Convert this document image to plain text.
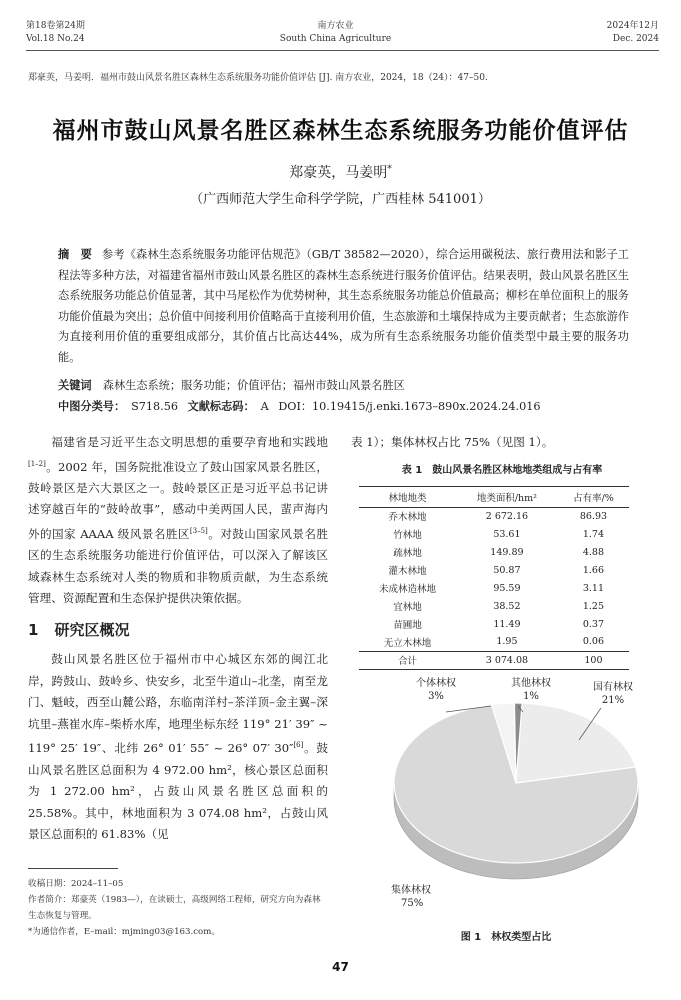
第18卷第24期
Vol.18 No.24
南方农业
South China Agriculture
2024年12月
Dec. 2024
郑豪英，马姜明．福州市鼓山风景名胜区森林生态系统服务功能价值评估 [J]. 南方农业，2024，18（24）：47–50.
福州市鼓山风景名胜区森林生态系统服务功能价值评估
郑豪英，马姜明*
（广西师范大学生命科学学院，广西桂林 541001）
摘　要 参考《森林生态系统服务功能评估规范》（GB/T 38582—2020），综合运用碳税法、旅行费用法和影子工程法等多种方法，对福建省福州市鼓山风景名胜区的森林生态系统进行服务价值评估。结果表明，鼓山风景名胜区生态系统服务功能总价值显著，其中马尾松作为优势树种，其生态系统服务功能总价值最高；柳杉在单位面积上的服务功能价值最为突出；总价值中间接利用价值略高于直接利用价值，生态旅游和土壤保持成为主要贡献者；生态旅游作为直接利用价值的重要组成部分，其价值占比高达44%，成为所有生态系统服务功能价值类型中最主要的服务功能。
关键词　 森林生态系统；服务功能；价值评估；福州市鼓山风景名胜区
中图分类号： S718.56 文献标志码： A DOI：10.19415/j.enki.1673–890x.2024.24.016

福建省是习近平生态文明思想的重要孕育地和实践地[1–2]。2002 年，国务院批准设立了鼓山国家风景名胜区，鼓岭景区是六大景区之一。鼓岭景区正是习近平总书记讲述穿越百年的“鼓岭故事”，感动中美两国人民，蜚声海内外的国家 AAAA 级风景名胜区[3–5]。对鼓山国家风景名胜区的生态系统服务功能进行价值评估，可以深入了解该区域森林生态系统对人类的物质和非物质贡献，为生态系统管理、资源配置和生态保护提供决策依据。

1 研究区概况

鼓山风景名胜区位于福州市中心城区东郊的闽江北岸，跨鼓山、鼓岭乡、快安乡，北至牛道山–北垄，南至龙门、魁岐，西至山麓公路，东临南洋村–茶洋顶–金主翼–深坑里–燕崔水库–柴桥水库，地理坐标东经 119° 21′ 39″ ~ 119° 25′ 19″、北纬 26° 01′ 55″ ~ 26° 07′ 30″[6]。鼓山风景名胜区总面积为 4 972.00 hm²，核心景区总面积为 1 272.00 hm²，占鼓山风景名胜区总面积的 25.58%。其中，林地面积为 3 074.08 hm²，占鼓山风景区总面积的 61.83%（见

收稿日期：2024–11–05
作者简介：郑豪英（1983—），在读硕士，高级网络工程师，研究方向为森林生态恢复与管理。
*为通信作者，E–mail：mjming03@163.com。
表 1）；集体林权占比 75%（见图 1）。
表 1　鼓山风景名胜区林地地类组成与占有率
林地地类	地类面积/hm²	占有率/%
乔木林地	2 672.16	86.93
竹林地	53.61	1.74
疏林地	149.89	4.88
灌木林地	50.87	1.66
未成林造林地	95.59	3.11
宜林地	38.52	1.25
苗圃地	11.49	0.37
无立木林地	1.95	0.06
合计	3 074.08	100
集体林权
75%
国有林权
21%
其他林权
1%
个体林权
3%
图 1　林权类型占比
47
